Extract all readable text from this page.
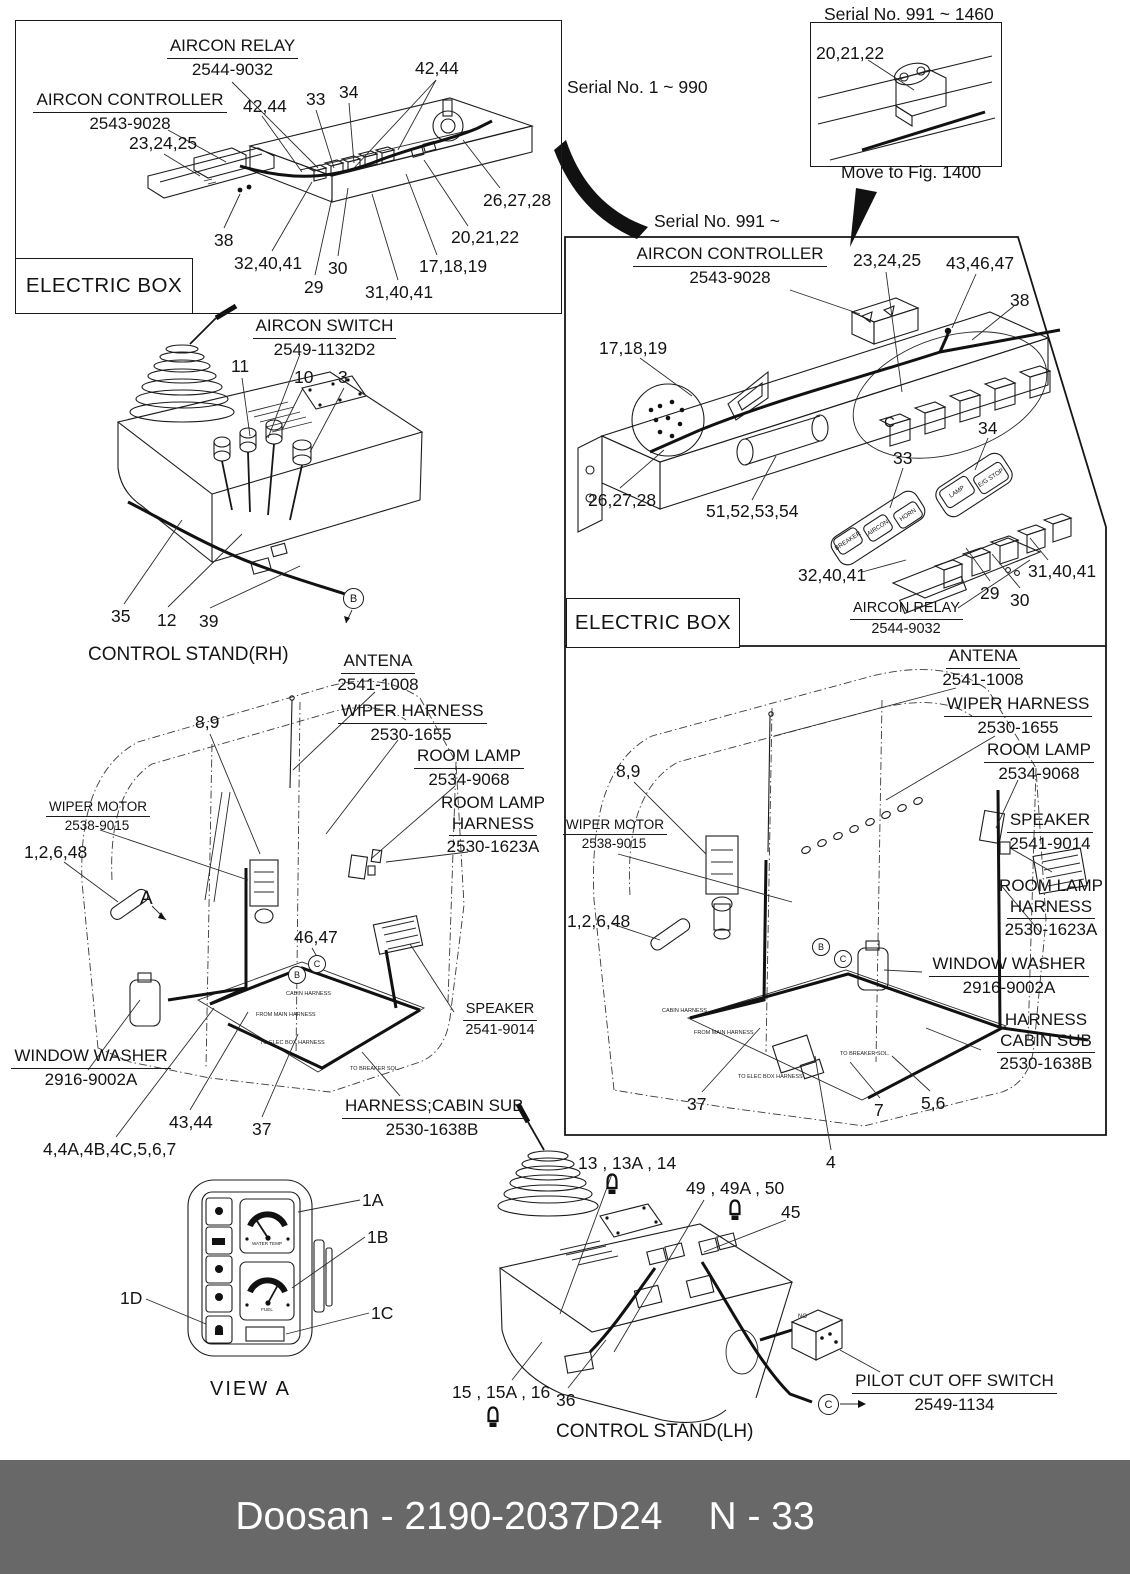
ELECTRIC BOX
ELECTRIC BOX
Serial No. 1 ~ 990
Serial No. 991 ~
Serial No. 991 ~ 1460
20,21,22
Move to Fig. 1400
AIRCON RELAY
2544-9032
AIRCON CONTROLLER
2543-9028
42,44 33 34
42,44
23,24,25
26,27,28
20,21,22
17,18,19
38
32,40,41 30
29 31,40,41
AIRCON CONTROLLER
2543-9028
AIRCON RELAY
2544-9032
23,24,25 43,46,47
38
17,18,19
26,27,28
51,52,53,54
33
34
32,40,41
29 30
31,40,41
C
BREAKER
AIRCON
HORN
LAMP
E/G STOP
CONTROL STAND(RH)
AIRCON SWITCH
2549-1132D2
11
10 3
35 12 39
B
ANTENA
2541-1008
WIPER HARNESS
2530-1655
ROOM LAMP
2534-9068
ROOM LAMP
HARNESS
2530-1623A
WIPER MOTOR
2538-9015
SPEAKER
2541-9014
WINDOW WASHER
2916-9002A
HARNESS;CABIN SUB
2530-1638B
8,9
1,2,6,48
A
46,47
43,44 37
4,4A,4B,4C,5,6,7
B
C
CABIN HARNESS
FROM MAIN HARNESS
TO ELEC BOX HARNESS
TO BREAKER SOL.
ANTENA
2541-1008
WIPER HARNESS
2530-1655
ROOM LAMP
2534-9068
SPEAKER
2541-9014
ROOM LAMP
HARNESS
2530-1623A
WINDOW WASHER
2916-9002A
HARNESS
CABIN SUB
2530-1638B
WIPER MOTOR
2538-9015
8,9
1,2,6,48
37	7 5,6
4
B
C
CABIN HARNESS
FROM MAIN HARNESS
TO ELEC BOX HARNESS
TO BREAKER SOL.
VIEW A
1A
1B
1C
1D
WATER TEMP
FUEL
CONTROL STAND(LH)
PILOT CUT OFF SWITCH
2549-1134
13 , 13A , 14
49 , 49A , 50
45
15 , 15A , 16 36	C
NO
Doosan - 2190-2037D24 N - 33
